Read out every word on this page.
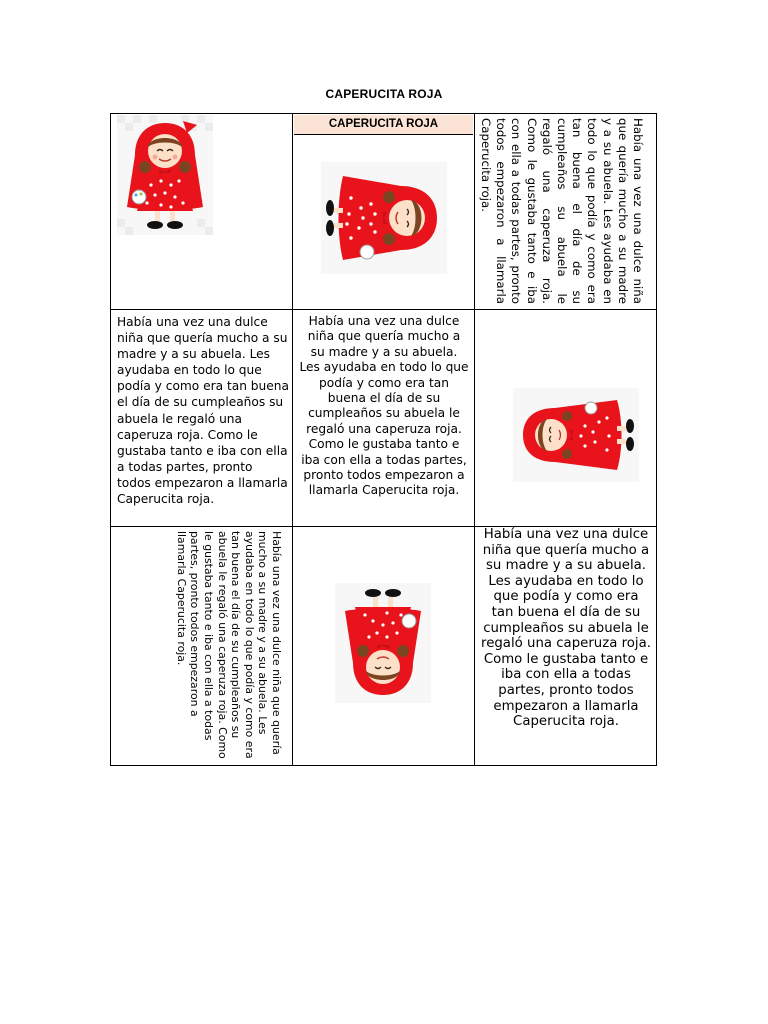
CAPERUCITA ROJA
CAPERUCITA ROJA	Había una vez una dulce niña que quería mucho a su madre y a su abuela. Les ayudaba en todo lo que podía y como era tan buena el día de su cumpleaños su abuela le regaló una caperuza roja. Como le gustaba tanto e iba con ella a todas partes, pronto todos empezaron a llamarla Caperucita roja.
Había una vez una dulce niña que quería mucho a su madre y a su abuela. Les ayudaba en todo lo que podía y como era tan buena el día de su cumpleaños su abuela le regaló una caperuza roja. Como le gustaba tanto e iba con ella a todas partes, pronto todos empezaron a llamarla Caperucita roja.
Había una vez una dulce niña que quería mucho a su madre y a su abuela. Les ayudaba en todo lo que podía y como era tan buena el día de su cumpleaños su abuela le regaló una caperuza roja. Como le gustaba tanto e iba con ella a todas partes, pronto todos empezaron a llamarla Caperucita roja.
Había una vez una dulce niña que quería mucho a su madre y a su abuela. Les ayudaba en todo lo que podía y como era tan buena el día de su cumpleaños su abuela le regaló una caperuza roja. Como le gustaba tanto e iba con ella a todas partes, pronto todos empezaron a llamarla Caperucita roja.	Había una vez una dulce niña que quería mucho a su madre y a su abuela. Les ayudaba en todo lo que podía y como era tan buena el día de su cumpleaños su abuela le regaló una caperuza roja. Como le gustaba tanto e iba con ella a todas partes, pronto todos empezaron a llamarla Caperucita roja.
